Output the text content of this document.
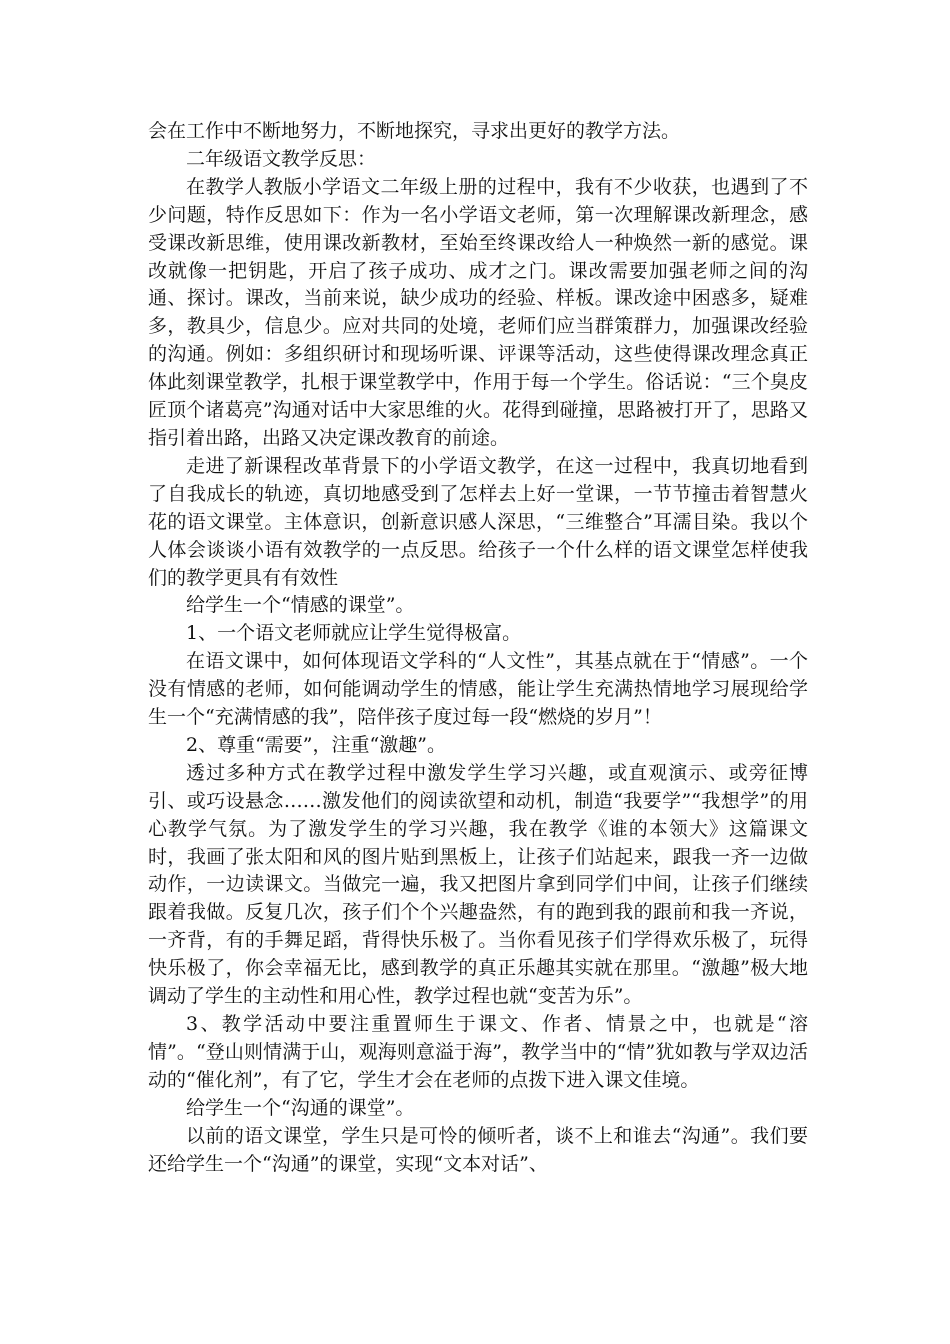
会在工作中不断地努力，不断地探究，寻求出更好的教学方法。

二年级语文教学反思：

在教学人教版小学语文二年级上册的过程中，我有不少收获，也遇到了不少问题，特作反思如下：作为一名小学语文老师，第一次理解课改新理念，感受课改新思维，使用课改新教材，至始至终课改给人一种焕然一新的感觉。课改就像一把钥匙，开启了孩子成功、成才之门。课改需要加强老师之间的沟通、探讨。课改，当前来说，缺少成功的经验、样板。课改途中困惑多，疑难多，教具少，信息少。应对共同的处境，老师们应当群策群力，加强课改经验的沟通。例如：多组织研讨和现场听课、评课等活动，这些使得课改理念真正体此刻课堂教学，扎根于课堂教学中，作用于每一个学生。俗话说：“三个臭皮匠顶个诸葛亮”沟通对话中大家思维的火。花得到碰撞，思路被打开了，思路又指引着出路，出路又决定课改教育的前途。

走进了新课程改革背景下的小学语文教学，在这一过程中，我真切地看到了自我成长的轨迹，真切地感受到了怎样去上好一堂课，一节节撞击着智慧火花的语文课堂。主体意识，创新意识感人深思，“三维整合”耳濡目染。我以个人体会谈谈小语有效教学的一点反思。给孩子一个什么样的语文课堂怎样使我们的教学更具有有效性

给学生一个“情感的课堂”。

1、一个语文老师就应让学生觉得极富。

在语文课中，如何体现语文学科的“人文性”，其基点就在于“情感”。一个没有情感的老师，如何能调动学生的情感，能让学生充满热情地学习展现给学生一个“充满情感的我”，陪伴孩子度过每一段“燃烧的岁月”！

2、尊重“需要”，注重“激趣”。

透过多种方式在教学过程中激发学生学习兴趣，或直观演示、或旁征博引、或巧设悬念……激发他们的阅读欲望和动机，制造“我要学”“我想学”的用心教学气氛。为了激发学生的学习兴趣，我在教学《谁的本领大》这篇课文时，我画了张太阳和风的图片贴到黑板上，让孩子们站起来，跟我一齐一边做动作，一边读课文。当做完一遍，我又把图片拿到同学们中间，让孩子们继续跟着我做。反复几次，孩子们个个兴趣盎然，有的跑到我的跟前和我一齐说，一齐背，有的手舞足蹈，背得快乐极了。当你看见孩子们学得欢乐极了，玩得快乐极了，你会幸福无比，感到教学的真正乐趣其实就在那里。“激趣”极大地调动了学生的主动性和用心性，教学过程也就“变苦为乐”。

3、教学活动中要注重置师生于课文、作者、情景之中，也就是“溶情”。“登山则情满于山，观海则意溢于海”，教学当中的“情”犹如教与学双边活动的“催化剂”，有了它，学生才会在老师的点拨下进入课文佳境。

给学生一个“沟通的课堂”。

以前的语文课堂，学生只是可怜的倾听者，谈不上和谁去“沟通”。我们要还给学生一个“沟通”的课堂，实现“文本对话”、
